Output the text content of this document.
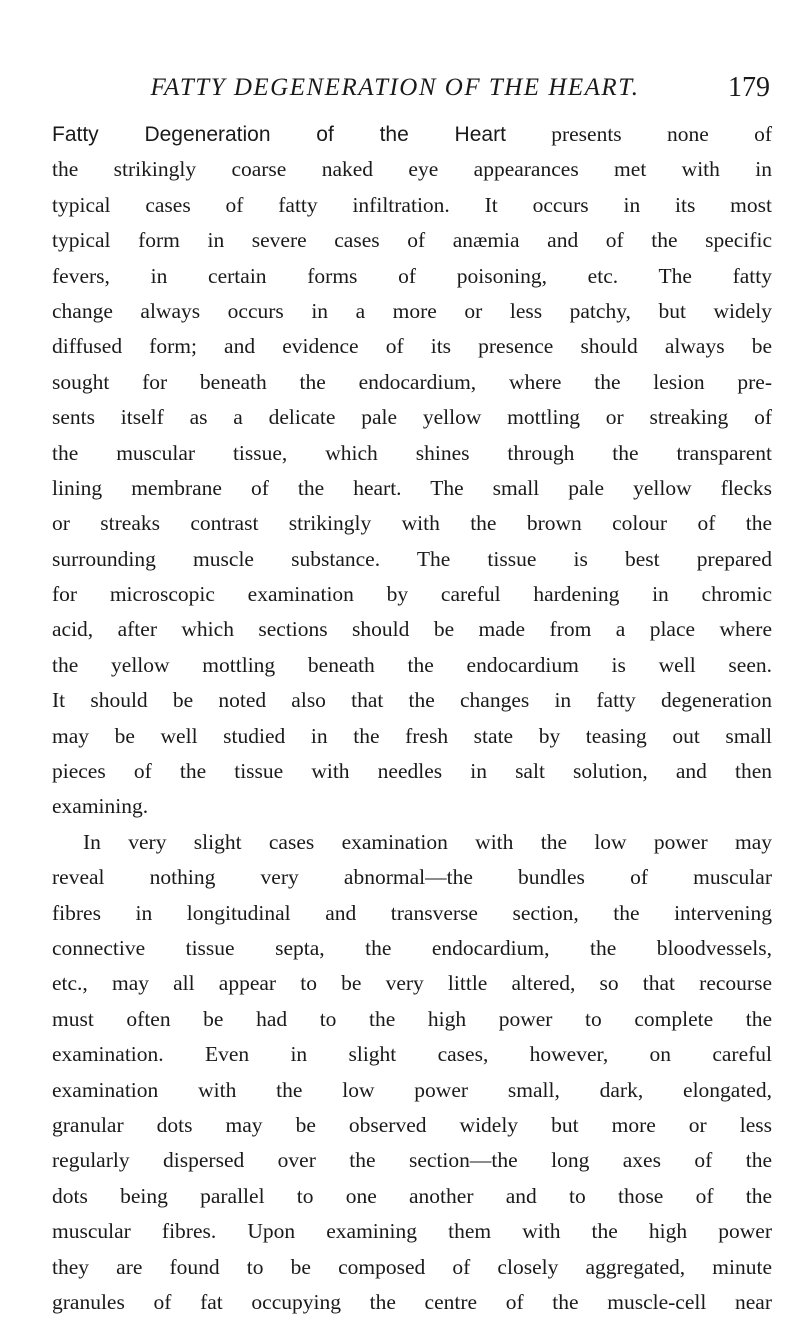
FATTY DEGENERATION OF THE HEART.	179
Fatty Degeneration of the Heart presents none of
the strikingly coarse naked eye appearances met with in
typical cases of fatty infiltration. It occurs in its most
typical form in severe cases of anæmia and of the specific
fevers, in certain forms of poisoning, etc. The fatty
change always occurs in a more or less patchy, but widely
diffused form; and evidence of its presence should always be
sought for beneath the endocardium, where the lesion pre-
sents itself as a delicate pale yellow mottling or streaking of
the muscular tissue, which shines through the transparent
lining membrane of the heart. The small pale yellow flecks
or streaks contrast strikingly with the brown colour of the
surrounding muscle substance. The tissue is best prepared
for microscopic examination by careful hardening in chromic
acid, after which sections should be made from a place where
the yellow mottling beneath the endocardium is well seen.
It should be noted also that the changes in fatty degeneration
may be well studied in the fresh state by teasing out small
pieces of the tissue with needles in salt solution, and then
examining.
In very slight cases examination with the low power may
reveal nothing very abnormal—the bundles of muscular
fibres in longitudinal and transverse section, the intervening
connective tissue septa, the endocardium, the bloodvessels,
etc., may all appear to be very little altered, so that recourse
must often be had to the high power to complete the
examination. Even in slight cases, however, on careful
examination with the low power small, dark, elongated,
granular dots may be observed widely but more or less
regularly dispersed over the section—the long axes of the
dots being parallel to one another and to those of the
muscular fibres. Upon examining them with the high power
they are found to be composed of closely aggregated, minute
granules of fat occupying the centre of the muscle-cell near
